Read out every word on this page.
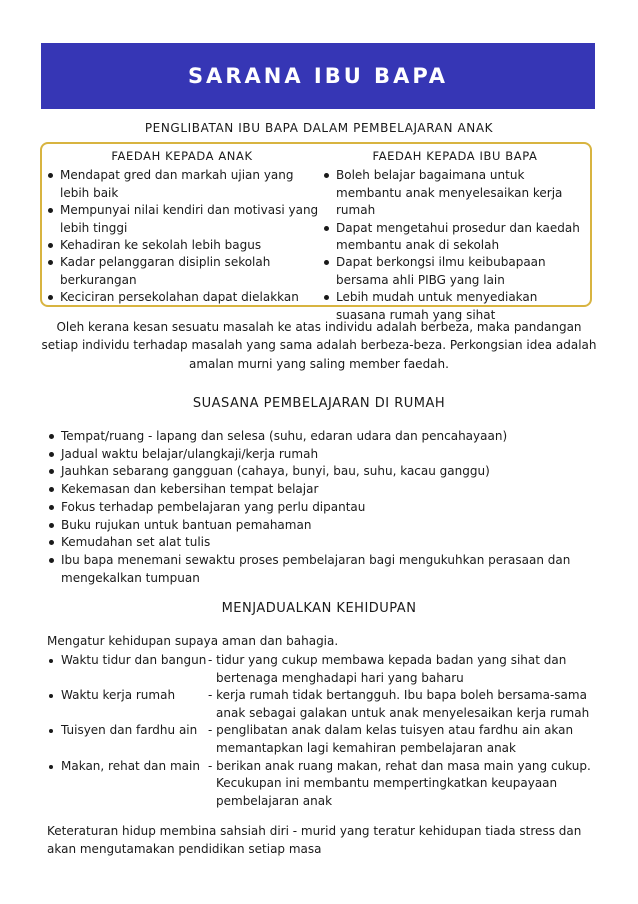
SARANA IBU BAPA
PENGLIBATAN IBU BAPA DALAM PEMBELAJARAN ANAK
FAEDAH KEPADA ANAK
Mendapat gred dan markah ujian yang lebih baik
Mempunyai nilai kendiri dan motivasi yang lebih tinggi
Kehadiran ke sekolah lebih bagus
Kadar pelanggaran disiplin sekolah berkurangan
Keciciran persekolahan dapat dielakkan
FAEDAH KEPADA IBU BAPA
Boleh belajar bagaimana untuk membantu anak menyelesaikan kerja rumah
Dapat mengetahui prosedur dan kaedah membantu anak di sekolah
Dapat berkongsi ilmu keibubapaan bersama ahli PIBG yang lain
Lebih mudah untuk menyediakan suasana rumah yang sihat
Oleh kerana kesan sesuatu masalah ke atas individu adalah berbeza, maka pandangan setiap individu terhadap masalah yang sama adalah berbeza-beza. Perkongsian idea adalah amalan murni yang saling member faedah.
SUASANA PEMBELAJARAN DI RUMAH
Tempat/ruang - lapang dan selesa (suhu, edaran udara dan pencahayaan)
Jadual waktu belajar/ulangkaji/kerja rumah
Jauhkan sebarang gangguan (cahaya, bunyi, bau, suhu, kacau ganggu)
Kekemasan dan kebersihan tempat belajar
Fokus terhadap pembelajaran yang perlu dipantau
Buku rujukan untuk bantuan pemahaman
Kemudahan set alat tulis
Ibu bapa menemani sewaktu proses pembelajaran bagi mengukuhkan perasaan dan mengekalkan tumpuan
MENJADUALKAN KEHIDUPAN
Mengatur kehidupan supaya aman dan bahagia.
Waktu tidur dan bangun - tidur yang cukup membawa kepada badan yang sihat dan
bertenaga menghadapi hari yang baharu
Waktu kerja rumah	- kerja rumah tidak bertangguh. Ibu bapa boleh bersama-sama
anak sebagai galakan untuk anak menyelesaikan kerja rumah
Tuisyen dan fardhu ain - penglibatan anak dalam kelas tuisyen atau fardhu ain akan
memantapkan lagi kemahiran pembelajaran anak
Makan, rehat dan main - berikan anak ruang makan, rehat dan masa main yang cukup.
Kecukupan ini membantu mempertingkatkan keupayaan
pembelajaran anak
Keteraturan hidup membina sahsiah diri - murid yang teratur kehidupan tiada stress dan akan mengutamakan pendidikan setiap masa
